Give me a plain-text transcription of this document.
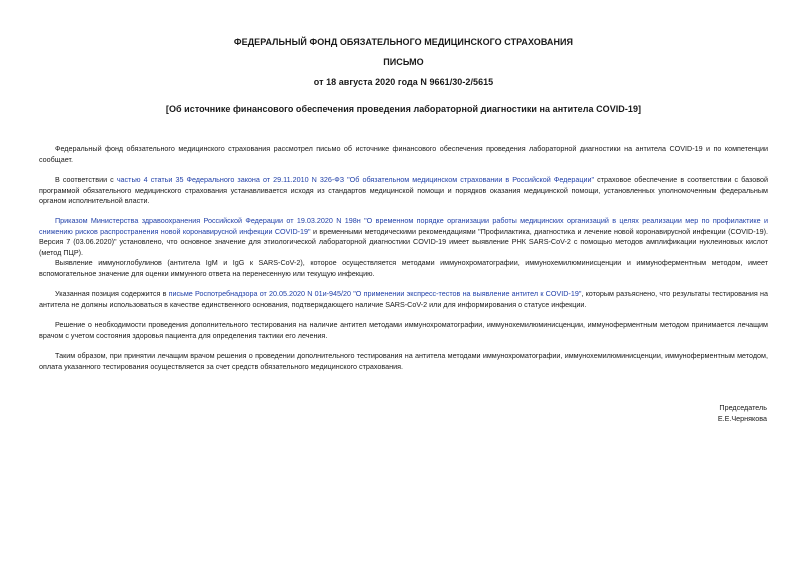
ФЕДЕРАЛЬНЫЙ ФОНД ОБЯЗАТЕЛЬНОГО МЕДИЦИНСКОГО СТРАХОВАНИЯ
ПИСЬМО
от 18 августа 2020 года N 9661/30-2/5615
[Об источнике финансового обеспечения проведения лабораторной диагностики на антитела COVID-19]

Федеральный фонд обязательного медицинского страхования рассмотрел письмо об источнике финансового обеспечения проведения лабораторной диагностики на антитела COVID-19 и по компетенции сообщает.

В соответствии с частью 4 статьи 35 Федерального закона от 29.11.2010 N 326-ФЗ "Об обязательном медицинском страховании в Российской Федерации" страховое обеспечение в соответствии с базовой программой обязательного медицинского страхования устанавливается исходя из стандартов медицинской помощи и порядков оказания медицинской помощи, установленных уполномоченным федеральным органом исполнительной власти.

Приказом Министерства здравоохранения Российской Федерации от 19.03.2020 N 198н "О временном порядке организации работы медицинских организаций в целях реализации мер по профилактике и снижению рисков распространения новой коронавирусной инфекции COVID-19" и временными методическими рекомендациями "Профилактика, диагностика и лечение новой коронавирусной инфекции (COVID-19). Версия 7 (03.06.2020)" установлено, что основное значение для этиологической лабораторной диагностики COVID-19 имеет выявление РНК SARS-CoV-2 с помощью методов амплификации нуклеиновых кислот (метод ПЦР).

Выявление иммуноглобулинов (антитела IgM и IgG к SARS-CoV-2), которое осуществляется методами иммунохроматографии, иммунохемилюминисценции и иммуноферментным методом, имеет вспомогательное значение для оценки иммунного ответа на перенесенную или текущую инфекцию.

Указанная позиция содержится в письме Роспотребнадзора от 20.05.2020 N 01и-945/20 "О применении экспресс-тестов на выявление антител к COVID-19", которым разъяснено, что результаты тестирования на антитела не должны использоваться в качестве единственного основания, подтверждающего наличие SARS-CoV-2 или для информирования о статусе инфекции.

Решение о необходимости проведения дополнительного тестирования на наличие антител методами иммунохроматографии, иммунохемилюминисценции, иммуноферментным методом принимается лечащим врачом с учетом состояния здоровья пациента для определения тактики его лечения.

Таким образом, при принятии лечащим врачом решения о проведении дополнительного тестирования на антитела методами иммунохроматографии, иммунохемилюминисценции, иммуноферментным методом, оплата указанного тестирования осуществляется за счет средств обязательного медицинского страхования.

Председатель
Е.Е.Чернякова
